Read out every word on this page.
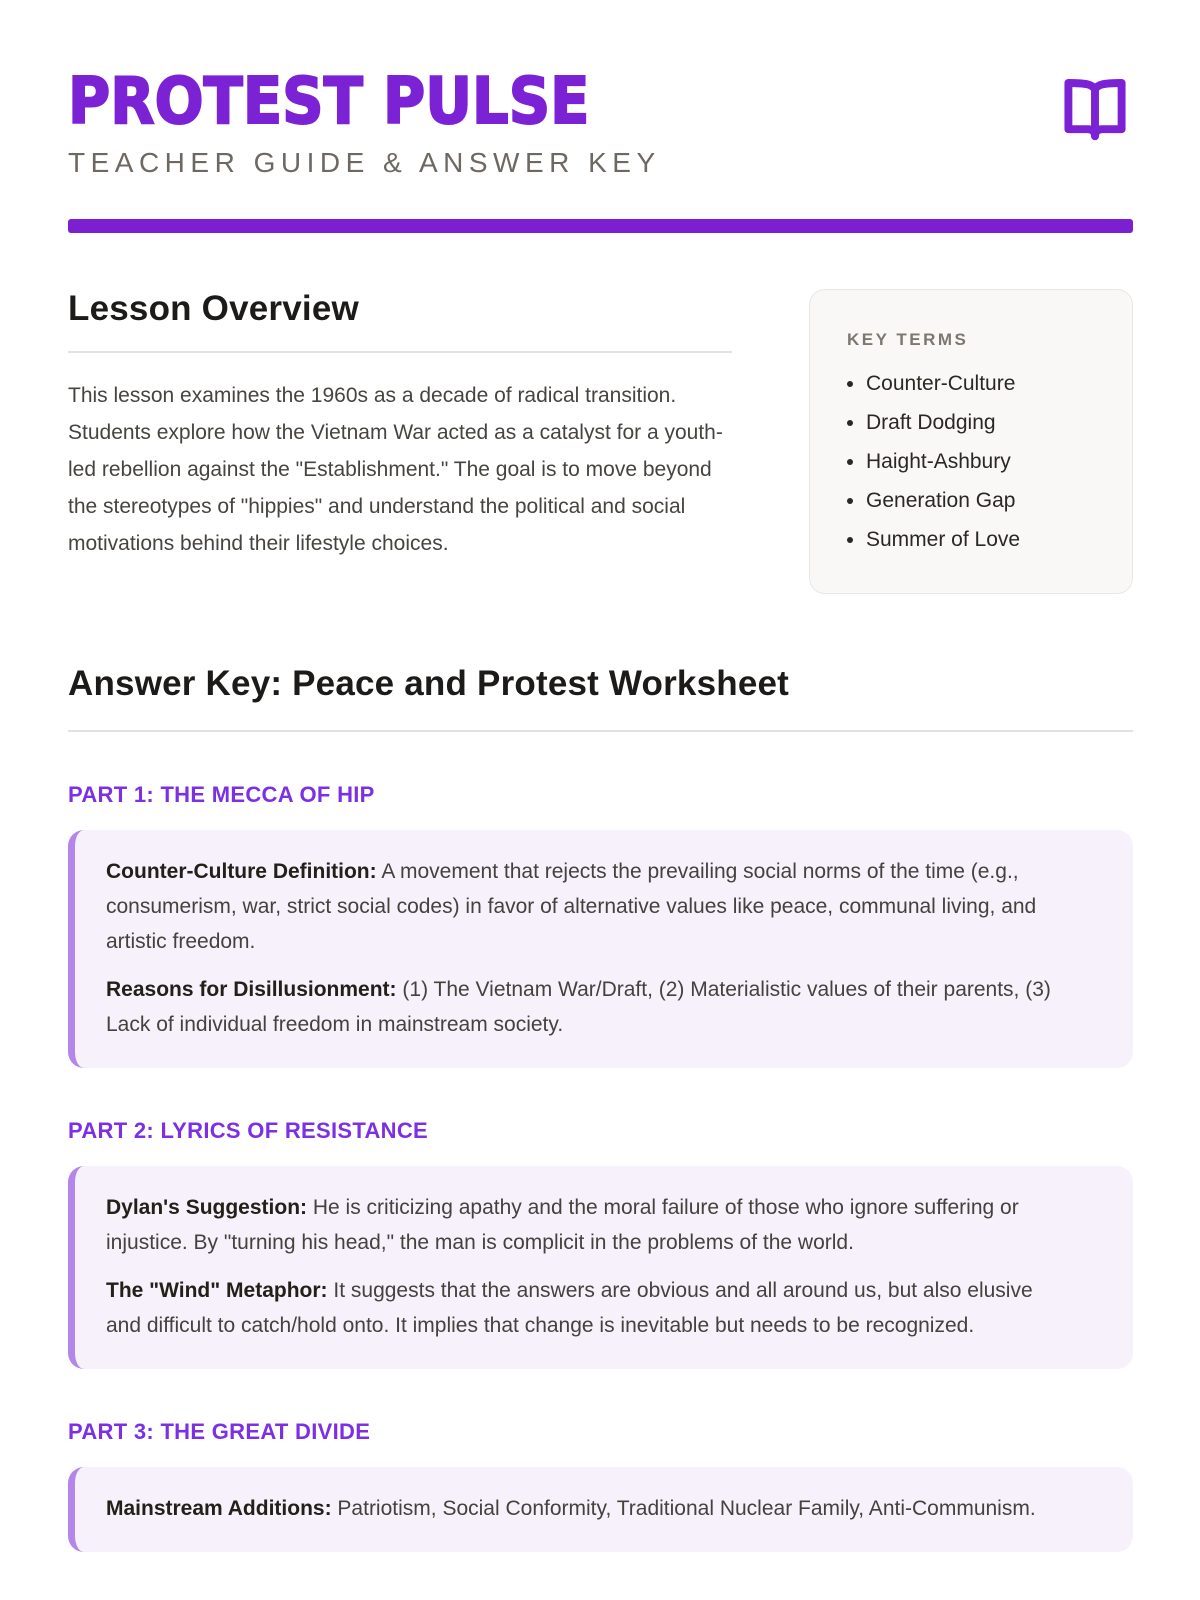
PROTEST PULSE
TEACHER GUIDE & ANSWER KEY
Lesson Overview

This lesson examines the 1960s as a decade of radical transition. Students explore how the Vietnam War acted as a catalyst for a youth-led rebellion against the "Establishment." The goal is to move beyond the stereotypes of "hippies" and understand the political and social motivations behind their lifestyle choices.

KEY TERMS
• Counter-Culture
• Draft Dodging
• Haight-Ashbury
• Generation Gap
• Summer of Love
Answer Key: Peace and Protest Worksheet
PART 1: THE MECCA OF HIP

Counter-Culture Definition: A movement that rejects the prevailing social norms of the time (e.g., consumerism, war, strict social codes) in favor of alternative values like peace, communal living, and artistic freedom.

Reasons for Disillusionment: (1) The Vietnam War/Draft, (2) Materialistic values of their parents, (3) Lack of individual freedom in mainstream society.

PART 2: LYRICS OF RESISTANCE

Dylan's Suggestion: He is criticizing apathy and the moral failure of those who ignore suffering or injustice. By "turning his head," the man is complicit in the problems of the world.

The "Wind" Metaphor: It suggests that the answers are obvious and all around us, but also elusive and difficult to catch/hold onto. It implies that change is inevitable but needs to be recognized.

PART 3: THE GREAT DIVIDE

Mainstream Additions: Patriotism, Social Conformity, Traditional Nuclear Family, Anti-Communism.
